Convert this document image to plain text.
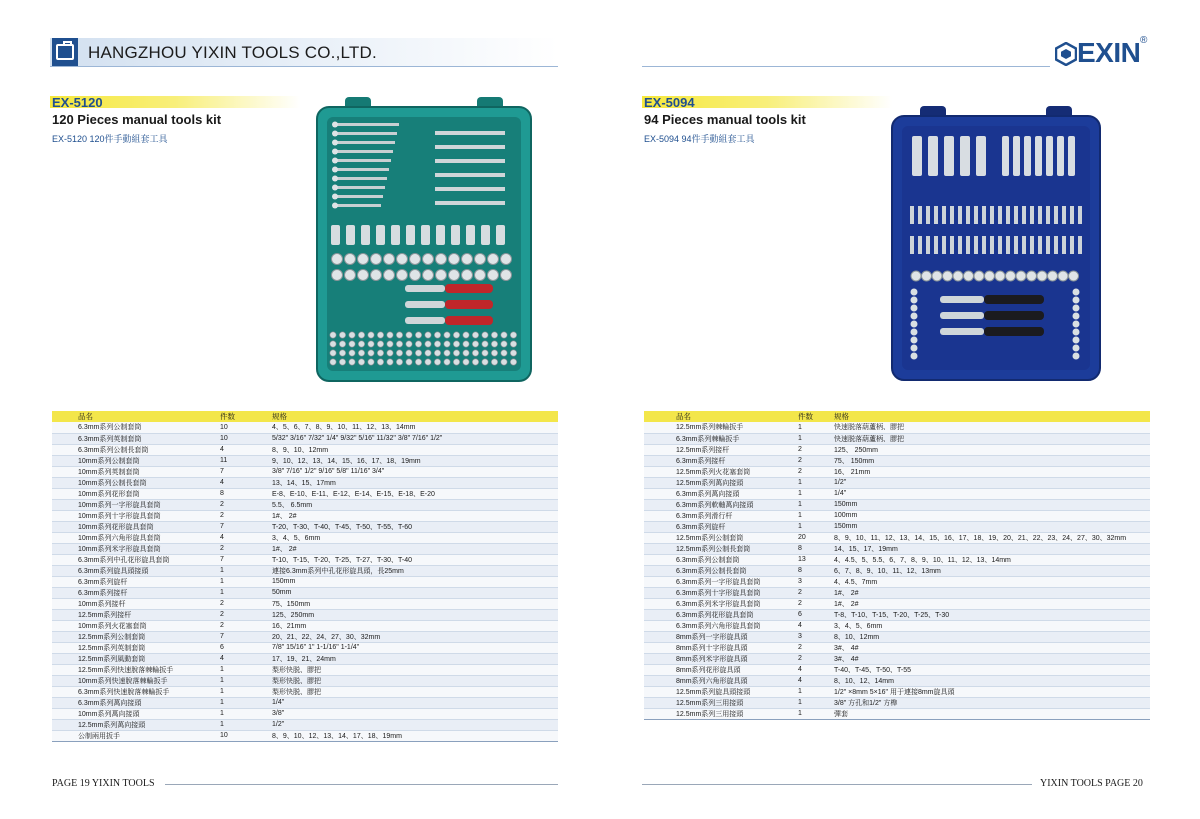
HANGZHOU YIXIN TOOLS CO.,LTD.	EXIN ®
EX-5120
120 Pieces manual tools kit
EX-5120 120件手動組套工具
EX-5094
94 Pieces manual tools kit
EX-5094 94件手動組套工具
品名	件数	规格
6.3mm系列公制套筒	10	4、5、6、7、8、9、10、11、12、13、14mm
6.3mm系列英制套筒	10	5/32" 3/16" 7/32" 1/4" 9/32" 5/16" 11/32" 3/8" 7/16" 1/2"
6.3mm系列公制長套筒	4	8、9、10、12mm
10mm系列公制套筒	11	9、10、12、13、14、15、16、17、18、19mm
10mm系列英制套筒	7	3/8" 7/16" 1/2" 9/16" 5/8" 11/16" 3/4"
10mm系列公制長套筒	4	13、14、15、17mm
10mm系列花形套筒	8	E-8、E-10、E-11、E-12、E-14、E-15、E-18、E-20
10mm系列一字形旋具套筒	2	5.5、 6.5mm
10mm系列十字形旋具套筒	2	1#、 2#
10mm系列花形旋具套筒	7	T-20、T-30、T-40、T-45、T-50、T-55、T-60
10mm系列六角形旋具套筒	4	3、4、5、6mm
10mm系列米字形旋具套筒	2	1#、 2#
6.3mm系列中孔花形旋具套筒	7	T-10、T-15、T-20、T-25、T-27、T-30、T-40
6.3mm系列旋具頭接頭	1	連接6.3mm系列中孔花形旋具頭，長25mm
6.3mm系列旋杆	1	150mm
6.3mm系列接杆	1	50mm
10mm系列接杆	2	75、150mm
12.5mm系列接杆	2	125、250mm
10mm系列火花塞套筒	2	16、21mm
12.5mm系列公制套筒	7	20、21、22、24、27、30、32mm
12.5mm系列英制套筒	6	7/8" 15/16" 1" 1-1/16" 1-1/4"
12.5mm系列風動套筒	4	17、19、21、24mm
12.5mm系列快速脫落棘輪扳手	1	梨形快脱、膠把
10mm系列快速脫落棘輪扳手	1	梨形快脱、膠把
6.3mm系列快速脫落棘輪扳手	1	梨形快脱、膠把
6.3mm系列萬向接頭	1	1/4"
10mm系列萬向接頭	1	3/8"
12.5mm系列萬向接頭	1	1/2"
公制兩用扳手	10	8、9、10、12、13、14、17、18、19mm
品名	件数	规格
12.5mm系列棘輪扳手	1	快速脱落葫蘆柄、膠把
6.3mm系列棘輪扳手	1	快速脱落葫蘆柄、膠把
12.5mm系列接杆	2	125、 250mm
6.3mm系列接杆	2	75、 150mm
12.5mm系列火花塞套筒	2	16、 21mm
12.5mm系列萬向接頭	1	1/2"
6.3mm系列萬向接頭	1	1/4"
6.3mm系列軟軸萬向接頭	1	150mm
6.3mm系列滑行杆	1	100mm
6.3mm系列旋杆	1	150mm
12.5mm系列公制套筒	20	8、9、10、11、12、13、14、15、16、17、18、19、20、21、22、23、24、27、30、32mm
12.5mm系列公制長套筒	8	14、15、17、19mm
6.3mm系列公制套筒	13	4、4.5、5、5.5、6、7、8、9、10、11、12、13、14mm
6.3mm系列公制長套筒	8	6、7、8、9、10、11、12、13mm
6.3mm系列一字形旋具套筒	3	4、4.5、7mm
6.3mm系列十字形旋具套筒	2	1#、 2#
6.3mm系列米字形旋具套筒	2	1#、 2#
6.3mm系列花形旋具套筒	6	T-8、T-10、T-15、T-20、T-25、T-30
6.3mm系列六角形旋具套筒	4	3、4、5、6mm
8mm系列一字形旋具頭	3	8、10、12mm
8mm系列十字形旋具頭	2	3#、 4#
8mm系列米字形旋具頭	2	3#、 4#
8mm系列花形旋具頭	4	T-40、T-45、T-50、T-55
8mm系列六角形旋具頭	4	8、10、12、14mm
12.5mm系列旋具頭接頭	1	1/2" ×8mm 5×16" 用于連接8mm旋具頭
12.5mm系列三用接頭	1	3/8" 方孔和1/2" 方榫
12.5mm系列三用接頭	1	彈套
PAGE 19 YIXIN TOOLS	YIXIN TOOLS PAGE 20
